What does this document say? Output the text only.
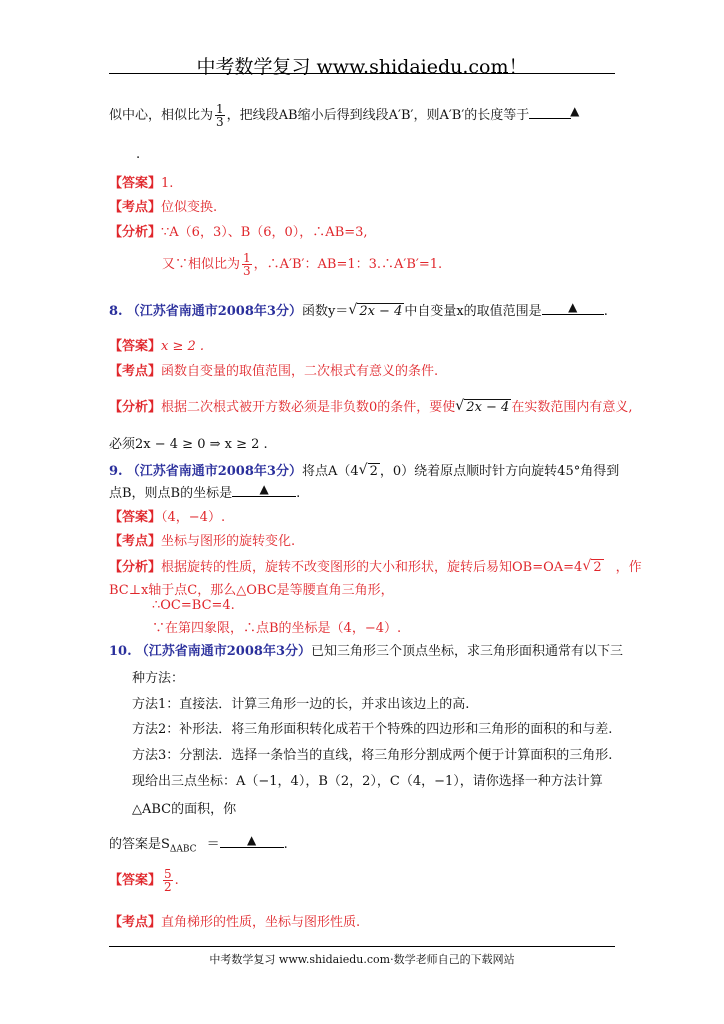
中考数学复习 www.shidaiedu.com！
似中心，相似比为 $\frac{1}{3}$ ，把线段AB缩小后得到线段A′B′，则A′B′的长度等于	▲
.
【答案】1.
【考点】位似变换.
【分析】∵A（6，3）、B（6，0），∴AB=3,
又∵相似比为 $\frac{1}{3}$ ，∴A′B′：AB=1：3.∴A′B′=1.
8. （江苏省南通市2008年3分）函数y＝ √ 2x − 4 中自变量x的取值范围是	▲	.
【答案】x ≥ 2 .
【考点】函数自变量的取值范围，二次根式有意义的条件.
【分析】根据二次根式被开方数必须是非负数0的条件，要使 √ 2x − 4 在实数范围内有意义,
必须2x − 4 ≥ 0 ⇒ x ≥ 2 .
9. （江苏省南通市2008年3分）将点A（4 √ 2 ，0）绕着原点顺时针方向旋转45°角得到
点B，则点B的坐标是	▲	.
【答案】（4，−4）.
【考点】坐标与图形的旋转变化.
【分析】根据旋转的性质，旋转不改变图形的大小和形状，旋转后易知OB=OA=4 √ 2 ，作
BC⊥x轴于点C，那么△OBC是等腰直角三角形，
∴OC=BC=4.
∵在第四象限，∴点B的坐标是（4，−4）.
10. （江苏省南通市2008年3分）已知三角形三个顶点坐标，求三角形面积通常有以下三
种方法：
方法1：直接法．计算三角形一边的长，并求出该边上的高.
方法2：补形法．将三角形面积转化成若干个特殊的四边形和三角形的面积的和与差.
方法3：分割法．选择一条恰当的直线，将三角形分割成两个便于计算面积的三角形.
现给出三点坐标：A（−1，4），B（2，2），C（4，−1），请你选择一种方法计算
△ABC的面积，你
的答案是$S_{\Delta ABC}$ ＝	▲	.
【答案】 $\frac{5}{2}$ .
【考点】直角梯形的性质，坐标与图形性质.
中考数学复习 www.shidaiedu.com·数学老师自己的下载网站
